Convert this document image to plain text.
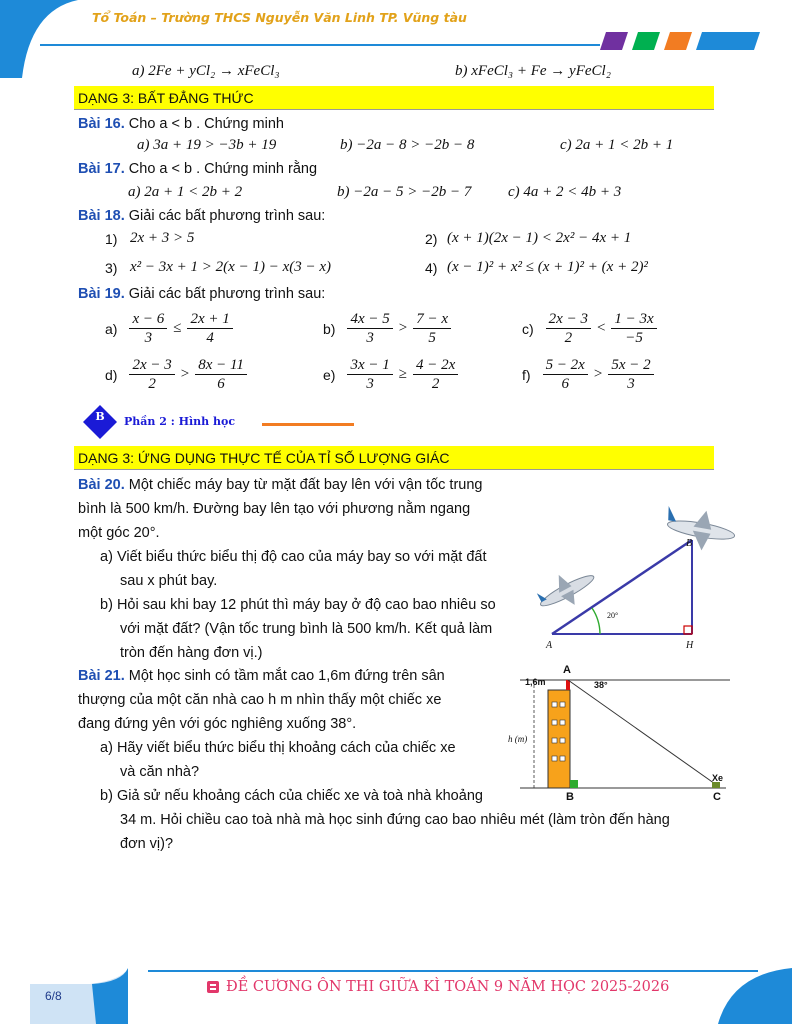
Tổ Toán – Trường THCS Nguyễn Văn Linh TP. Vũng tàu
a) 2Fe + yCl₂ → xFeCl₃	b) xFeCl₃ + Fe → yFeCl₂
DẠNG 3: BẤT ĐẲNG THỨC
Bài 16. Cho a < b . Chứng minh
a) 3a + 19 > −3b + 19	b) −2a − 8 > −2b − 8	c) 2a + 1 < 2b + 1
Bài 17. Cho a < b . Chứng minh rằng
a) 2a + 1 < 2b + 2	b) −2a − 5 > −2b − 7 c) 4a + 2 < 4b + 3
Bài 18. Giải các bất phương trình sau:
1) 2x + 3 > 5	2) (x + 1)(2x − 1) < 2x² − 4x + 1
3) x² − 3x + 1 > 2(x − 1) − x(3 − x)	4) (x − 1)² + x² ≤ (x + 1)² + (x + 2)²
Bài 19. Giải các bất phương trình sau:
$a) \frac{x - 6}{3} \le \frac{2x + 1}{4}$	$b) \frac{4x - 5}{3} > \frac{7 - x}{5}$	$c) \frac{2x - 3}{2} < \frac{1 - 3x}{-5}$
$d) \frac{2x - 3}{2} > \frac{8x - 11}{6}$	$e) \frac{3x - 1}{3} \ge \frac{4 - 2x}{2}$	$f) \frac{5 - 2x}{6} > \frac{5x - 2}{3}$
B	Phần 2 : Hình học
DẠNG 3: ỨNG DỤNG THỰC TẾ CỦA TỈ SỐ LƯỢNG GIÁC
Bài 20. Một chiếc máy bay từ mặt đất bay lên với vận tốc trung
bình là 500 km/h. Đường bay lên tạo với phương nằm ngang
một góc 20°.
a) Viết biểu thức biểu thị độ cao của máy bay so với mặt đất
sau x phút bay.
b) Hỏi sau khi bay 12 phút thì máy bay ở độ cao bao nhiêu so
với mặt đất? (Vận tốc trung bình là 500 km/h. Kết quả làm
tròn đến hàng đơn vị.)	A	H
B
20°
Bài 21. Một học sinh có tầm mắt cao 1,6m đứng trên sân
thượng của một căn nhà cao h m nhìn thấy một chiếc xe
đang đứng yên với góc nghiêng xuống 38°.
a) Hãy viết biểu thức biểu thị khoảng cách của chiếc xe
và căn nhà?
b) Giả sử nếu khoảng cách của chiếc xe và toà nhà khoảng
34 m. Hỏi chiều cao toà nhà mà học sinh đứng cao bao nhiêu mét (làm tròn đến hàng
đơn vị)?
1,6m
A
38°
h (m)
B	C
Xe
6/8
ĐỀ CƯƠNG ÔN THI GIỮA KÌ TOÁN 9 NĂM HỌC 2025-2026
